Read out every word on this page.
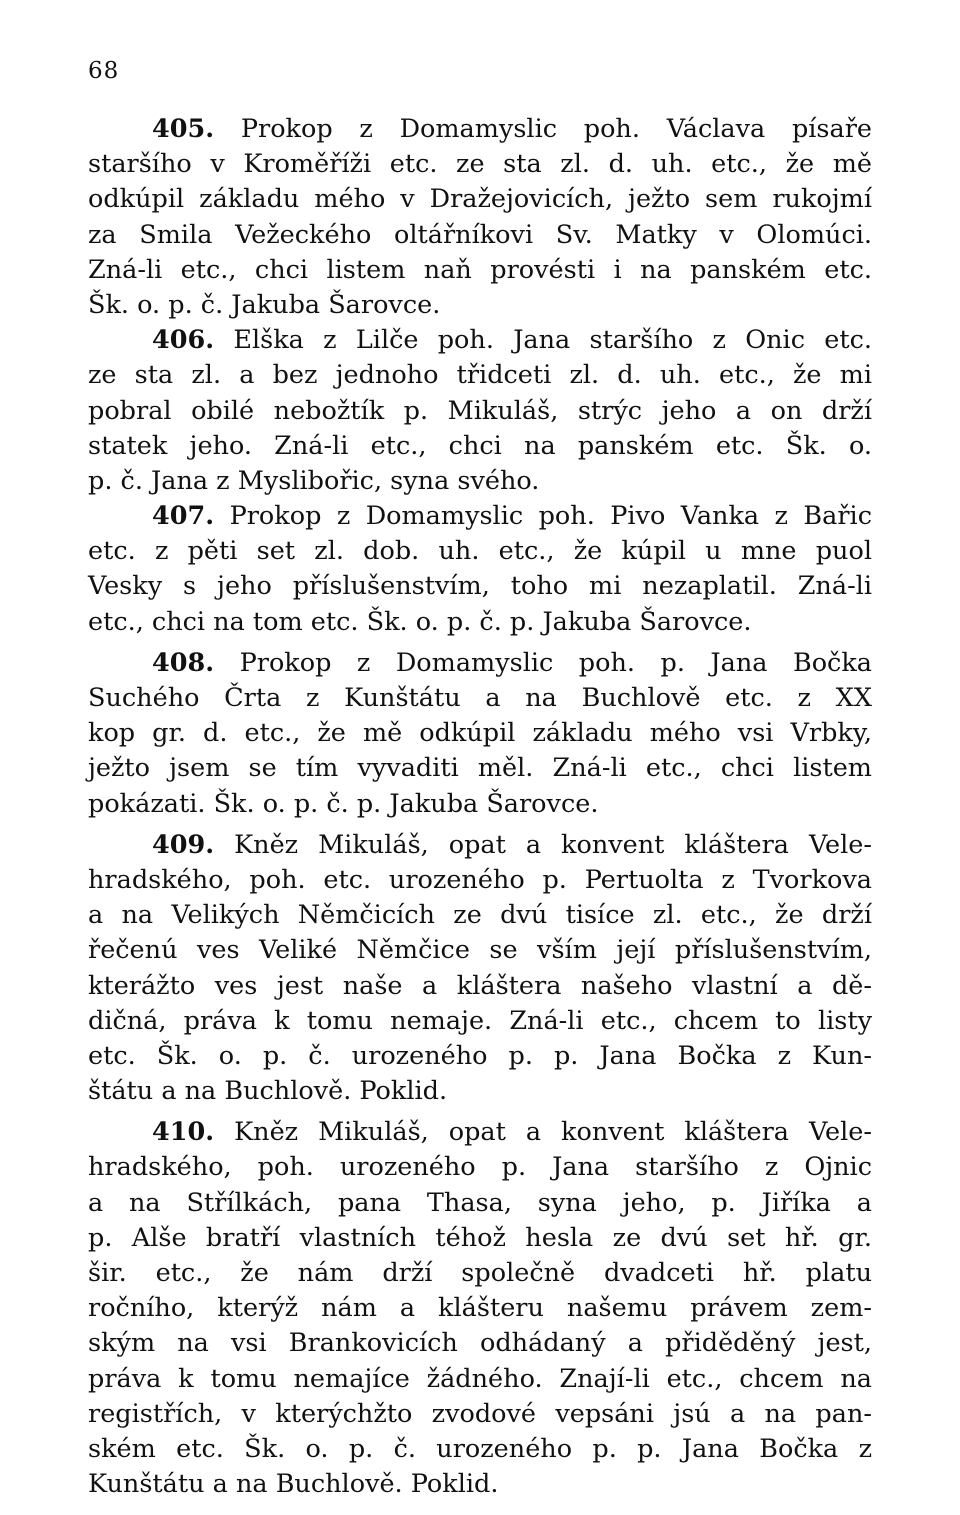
68
405. Prokop z Domamyslic poh. Václava písaře
staršího v Kroměříži etc. ze sta zl. d. uh. etc., že mě
odkúpil základu mého v Dražejovicích, ježto sem rukojmí
za Smila Vežeckého oltářníkovi Sv. Matky v Olomúci.
Zná-li etc., chci listem naň provésti i na panském etc.
Šk. o. p. č. Jakuba Šarovce.
406. Elška z Lilče poh. Jana staršího z Onic etc.
ze sta zl. a bez jednoho třidceti zl. d. uh. etc., že mi
pobral obilé nebožtík p. Mikuláš, strýc jeho a on drží
statek jeho. Zná-li etc., chci na panském etc. Šk. o.
p. č. Jana z Myslibořic, syna svého.
407. Prokop z Domamyslic poh. Pivo Vanka z Bařic
etc. z pěti set zl. dob. uh. etc., že kúpil u mne puol
Vesky s jeho příslušenstvím, toho mi nezaplatil. Zná-li
etc., chci na tom etc. Šk. o. p. č. p. Jakuba Šarovce.
408. Prokop z Domamyslic poh. p. Jana Bočka
Suchého Črta z Kunštátu a na Buchlově etc. z XX
kop gr. d. etc., že mě odkúpil základu mého vsi Vrbky,
ježto jsem se tím vyvaditi měl. Zná-li etc., chci listem
pokázati. Šk. o. p. č. p. Jakuba Šarovce.
409. Kněz Mikuláš, opat a konvent kláštera Vele-
hradského, poh. etc. urozeného p. Pertuolta z Tvorkova
a na Velikých Němčicích ze dvú tisíce zl. etc., že drží
řečenú ves Veliké Němčice se vším její příslušenstvím,
kterážto ves jest naše a kláštera našeho vlastní a dě-
dičná, práva k tomu nemaje. Zná-li etc., chcem to listy
etc. Šk. o. p. č. urozeného p. p. Jana Bočka z Kun-
štátu a na Buchlově. Poklid.
410. Kněz Mikuláš, opat a konvent kláštera Vele-
hradského, poh. urozeného p. Jana staršího z Ojnic
a na Střílkách, pana Thasa, syna jeho, p. Jiříka a
p. Alše bratří vlastních téhož hesla ze dvú set hř. gr.
šir. etc., že nám drží společně dvadceti hř. platu
ročního, kterýž nám a klášteru našemu právem zem-
ským na vsi Brankovicích odhádaný a přiděděný jest,
práva k tomu nemajíce žádného. Znají-li etc., chcem na
registřích, v kterýchžto zvodové vepsáni jsú a na pan-
ském etc. Šk. o. p. č. urozeného p. p. Jana Bočka z
Kunštátu a na Buchlově. Poklid.
